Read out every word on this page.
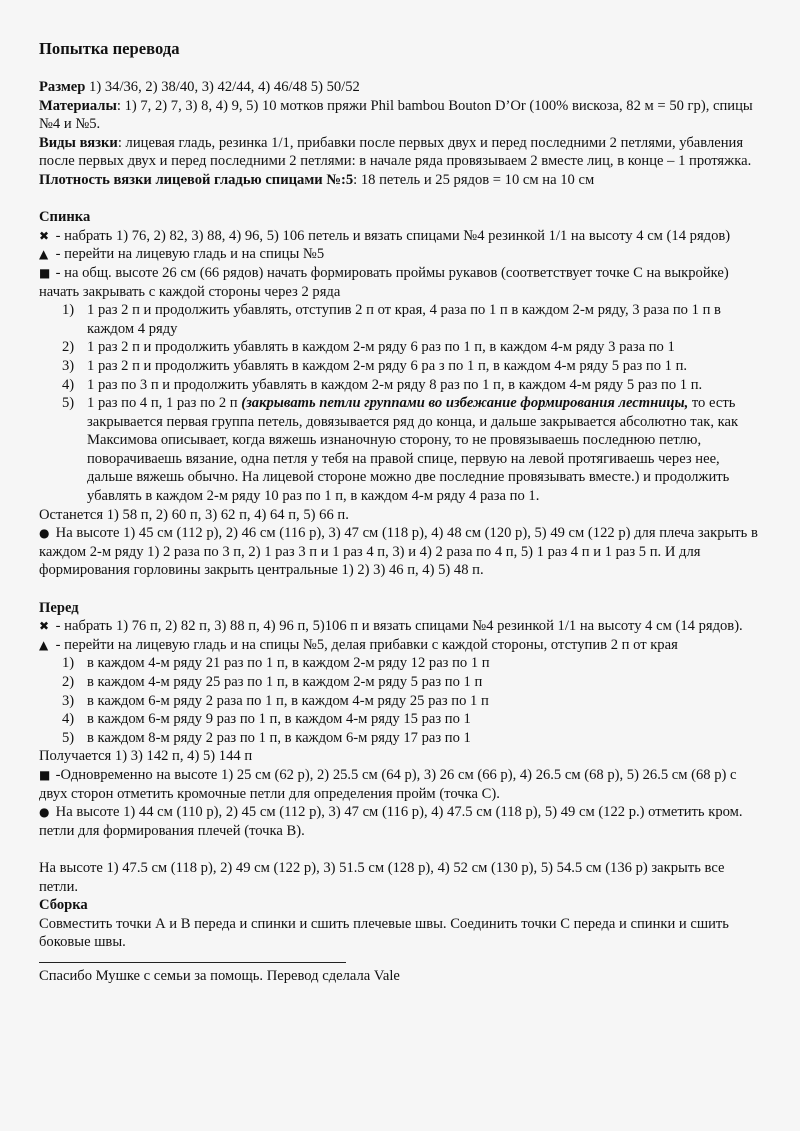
Попытка перевода

Размер 1) 34/36, 2) 38/40, 3) 42/44, 4) 46/48 5) 50/52

Материалы: 1) 7, 2) 7, 3) 8, 4) 9, 5) 10 мотков пряжи Phil bambou Bouton D’Or (100% вискоза, 82 м = 50 гр), спицы №4 и №5.

Виды вязки: лицевая гладь, резинка 1/1, прибавки после первых двух и перед последними 2 петлями, убавления после первых двух и перед последними 2 петлями: в начале ряда провязываем 2 вместе лиц, в конце – 1 протяжка.

Плотность вязки лицевой гладью спицами №:5: 18 петель и 25 рядов = 10 см на 10 см

Спинка

✖ - набрать 1) 76, 2) 82, 3) 88, 4) 96, 5) 106 петель и вязать спицами №4 резинкой 1/1 на высоту 4 см (14 рядов)

▲ - перейти на лицевую гладь и на спицы №5

■ - на общ. высоте 26 см (66 рядов) начать формировать проймы рукавов (соответствует точке С на выкройке) начать закрывать с каждой стороны через 2 ряда

1) 1 раз 2 п и продолжить убавлять, отступив 2 п от края, 4 раза по 1 п в каждом 2-м ряду, 3 раза по 1 п в каждом 4 ряду
2) 1 раз 2 п и продолжить убавлять в каждом 2-м ряду 6 раз по 1 п, в каждом 4-м ряду 3 раза по 1
3) 1 раз 2 п и продолжить убавлять в каждом 2-м ряду 6 ра з по 1 п, в каждом 4-м ряду 5 раз по 1 п.
4) 1 раз по 3 п и продолжить убавлять в каждом 2-м ряду 8 раз по 1 п, в каждом 4-м ряду 5 раз по 1 п.
5) 1 раз по 4 п, 1 раз по 2 п (закрывать петли группами во избежание формирования лестницы, то есть закрывается первая группа петель, довязывается ряд до конца, и дальше закрывается абсолютно так, как Максимова описывает, когда вяжешь изнаночную сторону, то не провязываешь последнюю петлю, поворачиваешь вязание, одна петля у тебя на правой спице, первую на левой протягиваешь через нее, дальше вяжешь обычно. На лицевой стороне можно две последние провязывать вместе.) и продолжить убавлять в каждом 2-м ряду 10 раз по 1 п, в каждом 4-м ряду 4 раза по 1.

Останется 1) 58 п, 2) 60 п, 3) 62 п, 4) 64 п, 5) 66 п.

● На высоте 1) 45 см (112 р), 2) 46 см (116 р), 3) 47 см (118 р), 4) 48 см (120 р), 5) 49 см (122 р) для плеча закрыть в каждом 2-м ряду 1) 2 раза по 3 п, 2) 1 раз 3 п и 1 раз 4 п, 3) и 4) 2 раза по 4 п, 5) 1 раз 4 п и 1 раз 5 п. И для формирования горловины закрыть центральные 1) 2) 3) 46 п, 4) 5) 48 п.

Перед

✖ - набрать 1) 76 п, 2) 82 п, 3) 88 п, 4) 96 п, 5)106 п и вязать спицами №4 резинкой 1/1 на высоту 4 см (14 рядов).

▲ - перейти на лицевую гладь и на спицы №5, делая прибавки с каждой стороны, отступив 2 п от края

1) в каждом 4-м ряду 21 раз по 1 п, в каждом 2-м ряду 12 раз по 1 п
2) в каждом 4-м ряду 25 раз по 1 п, в каждом 2-м ряду 5 раз по 1 п
3) в каждом 6-м ряду 2 раза по 1 п, в каждом 4-м ряду 25 раз по 1 п
4) в каждом 6-м ряду 9 раз по 1 п, в каждом 4-м ряду 15 раз по 1
5) в каждом 8-м ряду 2 раз по 1 п, в каждом 6-м ряду 17 раз по 1

Получается 1) 3) 142 п, 4) 5) 144 п

■ -Одновременно на высоте 1) 25 см (62 р), 2) 25.5 см (64 р), 3) 26 см (66 р), 4) 26.5 см (68 р), 5) 26.5 см (68 р) с двух сторон отметить кромочные петли для определения пройм (точка С).

● На высоте 1) 44 см (110 р), 2) 45 см (112 р), 3) 47 см (116 р), 4) 47.5 см (118 р), 5) 49 см (122 р.) отметить кром. петли для формирования плечей (точка В).

На высоте 1) 47.5 см (118 р), 2) 49 см (122 р), 3) 51.5 см (128 р), 4) 52 см (130 р), 5) 54.5 см (136 р) закрыть все петли.

Сборка

Совместить точки А и В переда и спинки и сшить плечевые швы. Соединить точки С переда и спинки и сшить боковые швы.

Спасибо Мушке с семьи за помощь. Перевод сделала Vale
